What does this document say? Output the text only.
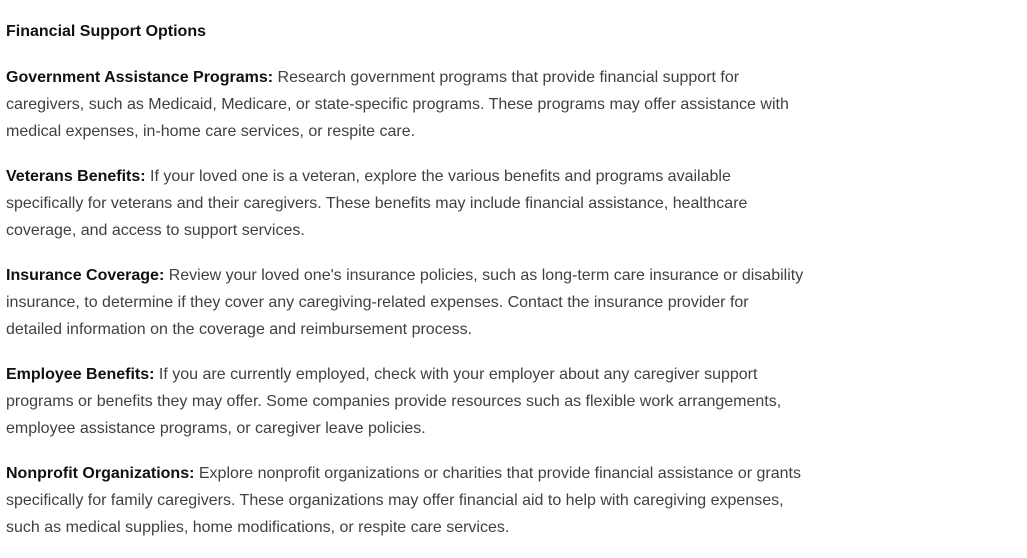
Financial Support Options

Government Assistance Programs: Research government programs that provide financial support for caregivers, such as Medicaid, Medicare, or state-specific programs. These programs may offer assistance with medical expenses, in-home care services, or respite care.

Veterans Benefits: If your loved one is a veteran, explore the various benefits and programs available specifically for veterans and their caregivers. These benefits may include financial assistance, healthcare coverage, and access to support services.

Insurance Coverage: Review your loved one's insurance policies, such as long-term care insurance or disability insurance, to determine if they cover any caregiving-related expenses. Contact the insurance provider for detailed information on the coverage and reimbursement process.

Employee Benefits: If you are currently employed, check with your employer about any caregiver support programs or benefits they may offer. Some companies provide resources such as flexible work arrangements, employee assistance programs, or caregiver leave policies.

Nonprofit Organizations: Explore nonprofit organizations or charities that provide financial assistance or grants specifically for family caregivers. These organizations may offer financial aid to help with caregiving expenses, such as medical supplies, home modifications, or respite care services.
